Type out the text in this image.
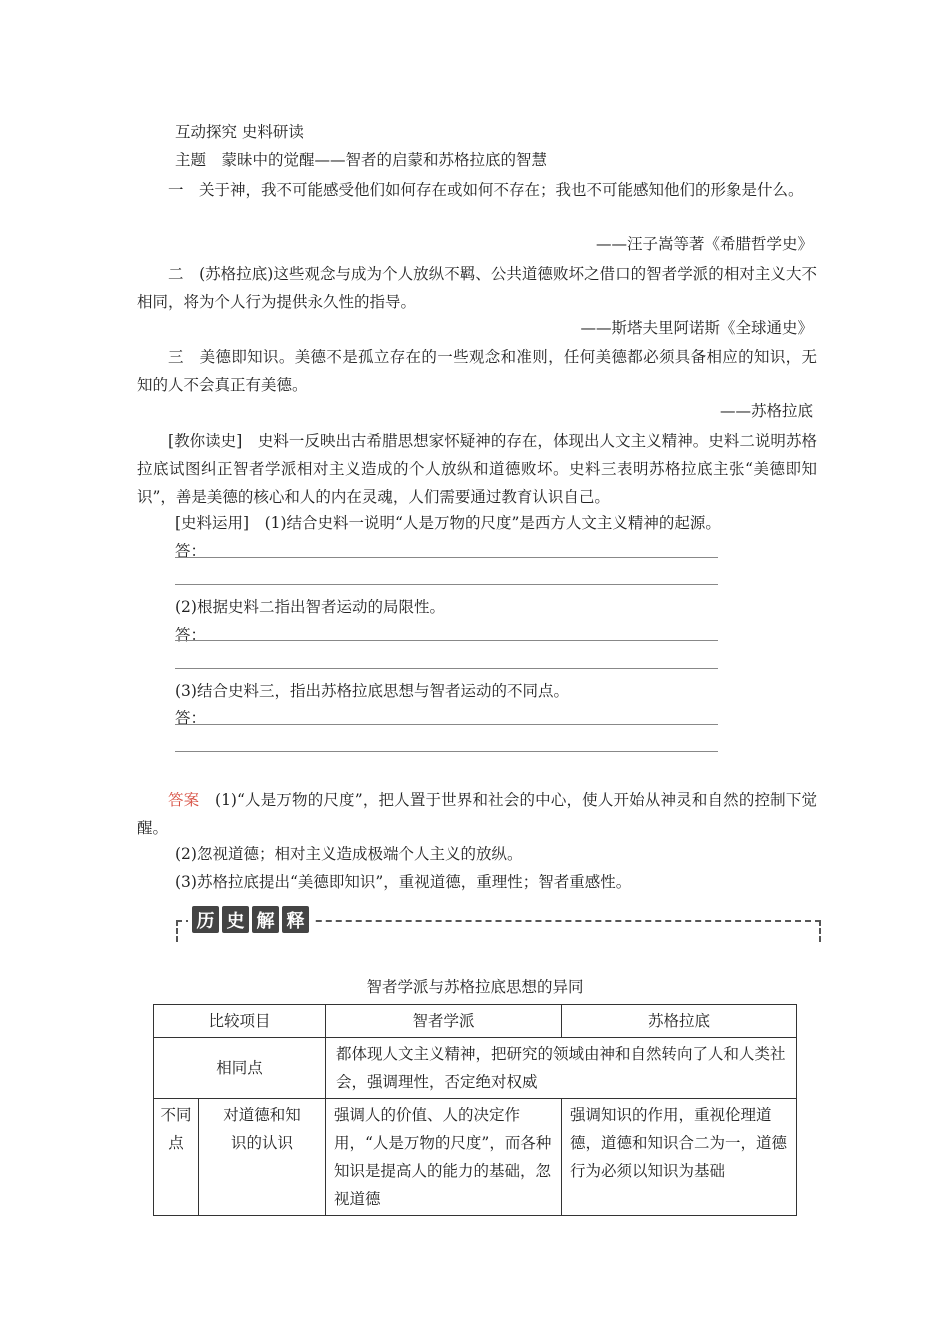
互动探究 史料研读
主题　蒙昧中的觉醒——智者的启蒙和苏格拉底的智慧

一　关于神，我不可能感受他们如何存在或如何不存在；我也不可能感知他们的形象是什么。

——汪子嵩等著《希腊哲学史》

二　(苏格拉底)这些观念与成为个人放纵不羁、公共道德败坏之借口的智者学派的相对主义大不相同，将为个人行为提供永久性的指导。

——斯塔夫里阿诺斯《全球通史》

三　美德即知识。美德不是孤立存在的一些观念和准则，任何美德都必须具备相应的知识，无知的人不会真正有美德。

——苏格拉底

[教你读史]　史料一反映出古希腊思想家怀疑神的存在，体现出人文主义精神。史料二说明苏格拉底试图纠正智者学派相对主义造成的个人放纵和道德败坏。史料三表明苏格拉底主张“美德即知识”，善是美德的核心和人的内在灵魂，人们需要通过教育认识自己。

[史料运用]　(1)结合史料一说明“人是万物的尺度”是西方人文主义精神的起源。
答：
(2)根据史料二指出智者运动的局限性。
答：
(3)结合史料三，指出苏格拉底思想与智者运动的不同点。
答：

答案　 (1)“人是万物的尺度”，把人置于世界和社会的中心，使人开始从神灵和自然的控制下觉醒。

(2)忽视道德；相对主义造成极端个人主义的放纵。
(3)苏格拉底提出“美德即知识”，重视道德，重理性；智者重感性。
历 史 解 释
智者学派与苏格拉底思想的异同
比较项目		智者学派	苏格拉底
相同点		都体现人文主义精神，把研究的领域由神和自然转向了人和人类社会，强调理性，否定绝对权威	
不同点	对道德和知识的认识	强调人的价值、人的决定作用，“人是万物的尺度”，而各种知识是提高人的能力的基础，忽视道德	强调知识的作用，重视伦理道德，道德和知识合二为一，道德行为必须以知识为基础
